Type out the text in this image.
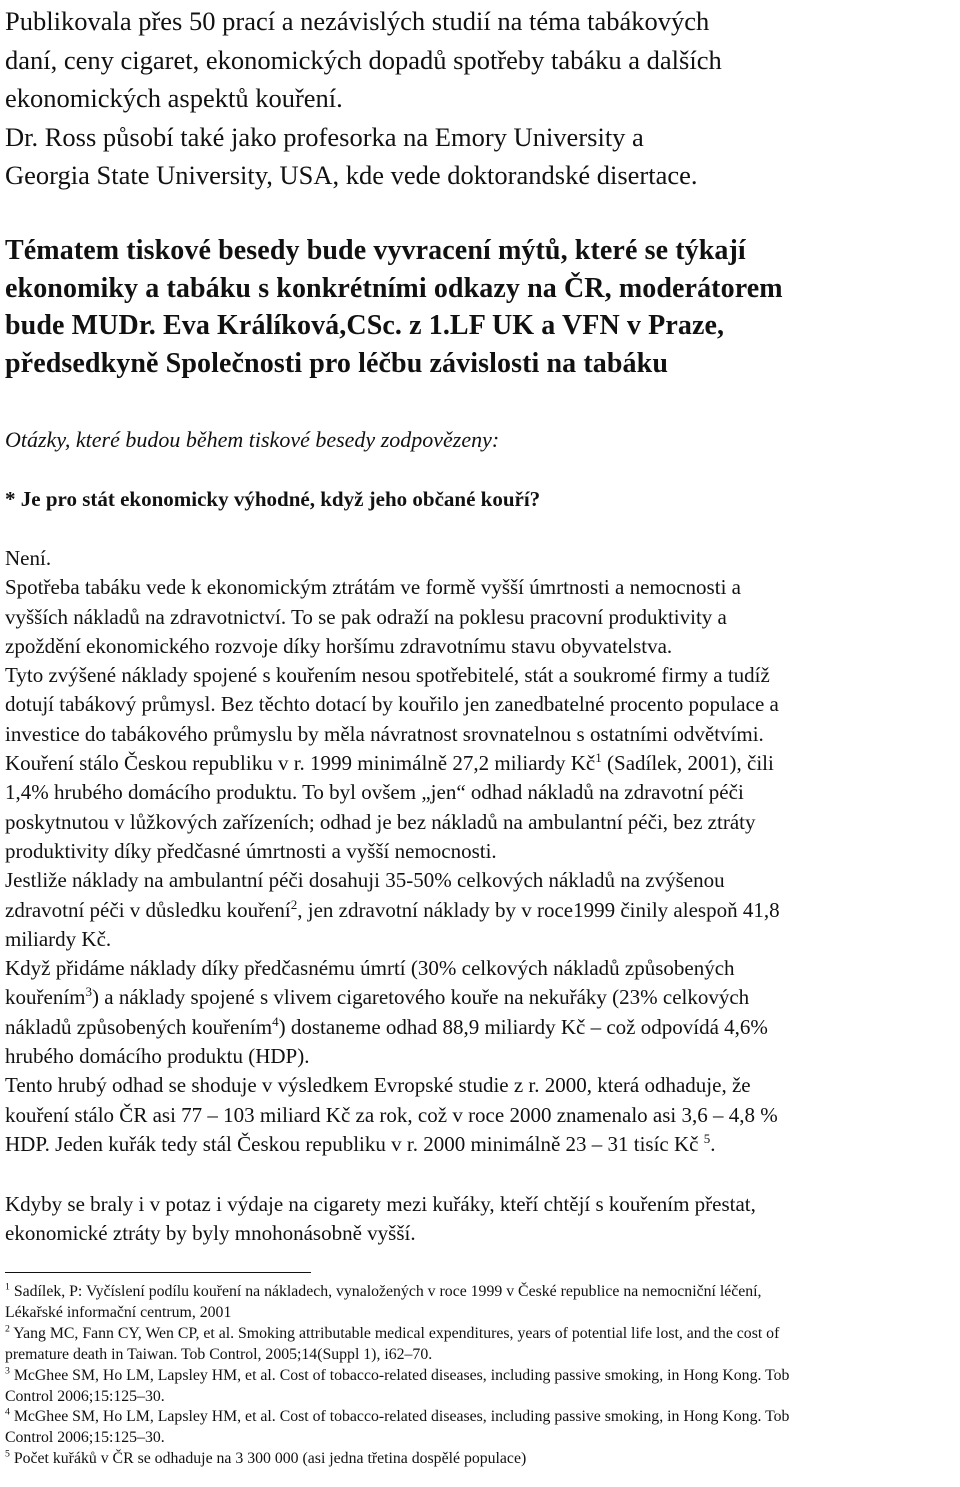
Publikovala přes 50 prací a nezávislých studií na téma tabákových
daní, ceny cigaret, ekonomických dopadů spotřeby tabáku a dalších
ekonomických aspektů kouření.
Dr. Ross působí také jako profesorka na Emory University a
Georgia State University, USA, kde vede doktorandské disertace.

Tématem tiskové besedy bude vyvracení mýtů, které se týkají
ekonomiky a tabáku s konkrétními odkazy na ČR, moderátorem
bude MUDr. Eva Králíková,CSc. z 1.LF UK a VFN v Praze,
předsedkyně Společnosti pro léčbu závislosti na tabáku

Otázky, které budou během tiskové besedy zodpovězeny:

* Je pro stát ekonomicky výhodné, když jeho občané kouří?

Není.
Spotřeba tabáku vede k ekonomickým ztrátám ve formě vyšší úmrtnosti a nemocnosti a
vyšších nákladů na zdravotnictví. To se pak odraží na poklesu pracovní produktivity a
zpoždění ekonomického rozvoje díky horšímu zdravotnímu stavu obyvatelstva.
Tyto zvýšené náklady spojené s kouřením nesou spotřebitelé, stát a soukromé firmy a tudíž
dotují tabákový průmysl. Bez těchto dotací by kouřilo jen zanedbatelné procento populace a
investice do tabákového průmyslu by měla návratnost srovnatelnou s ostatními odvětvími.
Kouření stálo Českou republiku v r. 1999 minimálně 27,2 miliardy $Kč^1$ (Sadílek, 2001), čili
1,4% hrubého domácího produktu. To byl ovšem „jen“ odhad nákladů na zdravotní péči
poskytnutou v lůžkových zařízeních; odhad je bez nákladů na ambulantní péči, bez ztráty
produktivity díky předčasné úmrtnosti a vyšší nemocnosti.
Jestliže náklady na ambulantní péči dosahuji 35-50% celkových nákladů na zvýšenou
zdravotní péči v důsledku kouření$^2$, jen zdravotní náklady by v roce1999 činily alespoň 41,8
miliardy Kč.
Když přidáme náklady díky předčasnému úmrtí (30% celkových nákladů způsobených
kouřením$^3$) a náklady spojené s vlivem cigaretového kouře na nekuřáky (23% celkových
nákladů způsobených kouřením$^4$) dostaneme odhad 88,9 miliardy Kč – což odpovídá 4,6%
hrubého domácího produktu (HDP).
Tento hrubý odhad se shoduje v výsledkem Evropské studie z r. 2000, která odhaduje, že
kouření stálo ČR asi 77 – 103 miliard Kč za rok, což v roce 2000 znamenalo asi 3,6 – 4,8 %
HDP. Jeden kuřák tedy stál Českou republiku v r. 2000 minimálně 23 – 31 tisíc Kč $^5$.

Kdyby se braly i v potaz i výdaje na cigarety mezi kuřáky, kteří chtějí s kouřením přestat,
ekonomické ztráty by byly mnohonásobně vyšší.

$^1$ Sadílek, P: Vyčíslení podílu kouření na nákladech, vynaložených v roce 1999 v České republice na nemocniční léčení,
Lékařské informační centrum, 2001
$^2$ Yang MC, Fann CY, Wen CP, et al. Smoking attributable medical expenditures, years of potential life lost, and the cost of
premature death in Taiwan. Tob Control, 2005;14(Suppl 1), i62–70.
$^3$ McGhee SM, Ho LM, Lapsley HM, et al. Cost of tobacco-related diseases, including passive smoking, in Hong Kong. Tob
Control 2006;15:125–30.
$^4$ McGhee SM, Ho LM, Lapsley HM, et al. Cost of tobacco-related diseases, including passive smoking, in Hong Kong. Tob
Control 2006;15:125–30.
$^5$ Počet kuřáků v ČR se odhaduje na 3 300 000 (asi jedna třetina dospělé populace)
